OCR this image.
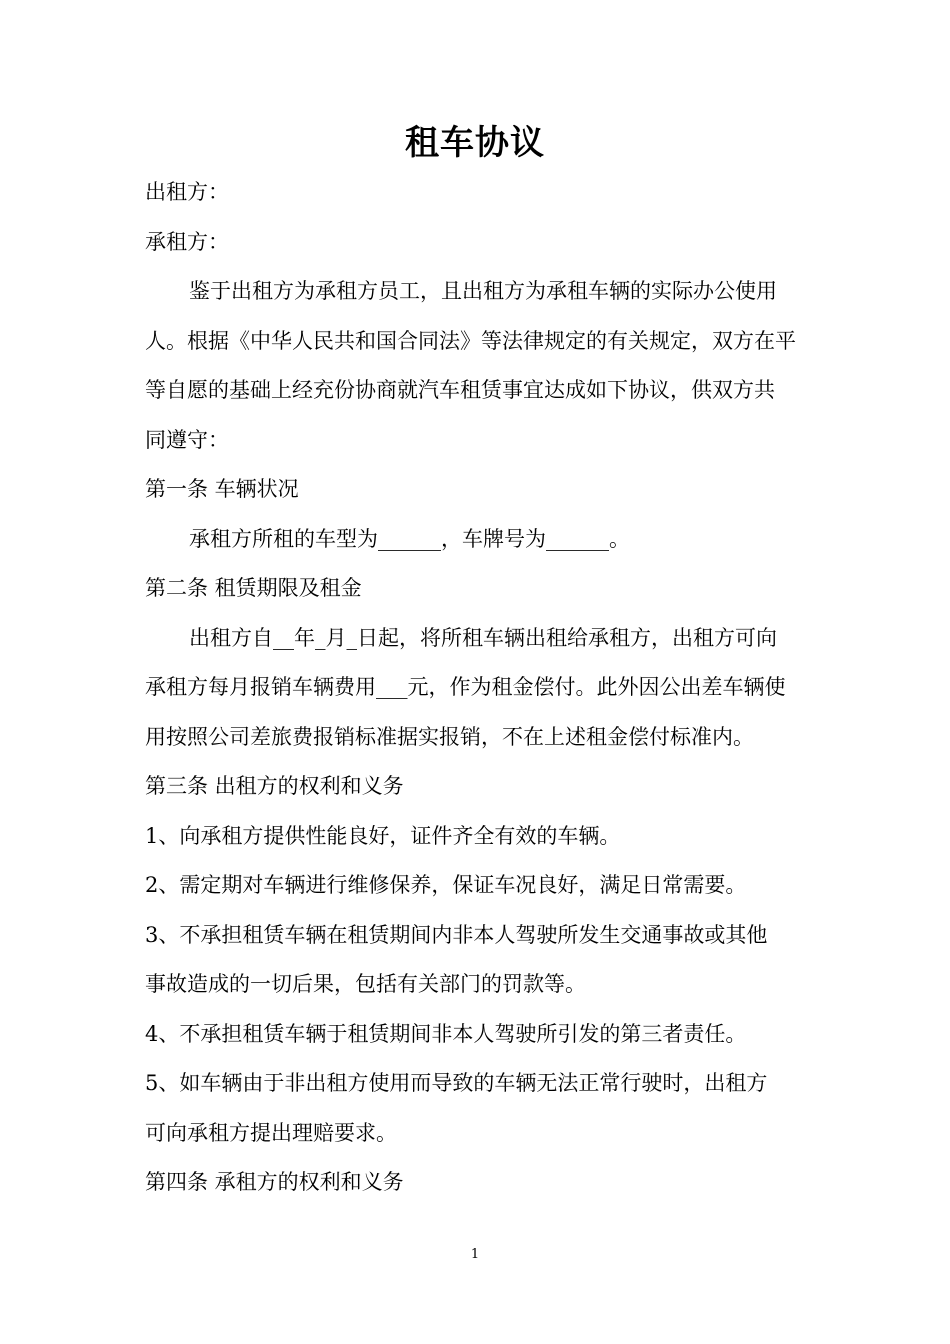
租车协议
出租方：
承租方：
鉴于出租方为承租方员工，且出租方为承租车辆的实际办公使用
人。根据《中华人民共和国合同法》等法律规定的有关规定，双方在平
等自愿的基础上经充份协商就汽车租赁事宜达成如下协议，供双方共
同遵守：
第一条 车辆状况
承租方所租的车型为______，车牌号为______。
第二条 租赁期限及租金
出租方自__年_月_日起，将所租车辆出租给承租方，出租方可向
承租方每月报销车辆费用___元，作为租金偿付。此外因公出差车辆使
用按照公司差旅费报销标准据实报销，不在上述租金偿付标准内。
第三条 出租方的权利和义务
1、向承租方提供性能良好，证件齐全有效的车辆。
2、需定期对车辆进行维修保养，保证车况良好，满足日常需要。
3、不承担租赁车辆在租赁期间内非本人驾驶所发生交通事故或其他
事故造成的一切后果，包括有关部门的罚款等。
4、不承担租赁车辆于租赁期间非本人驾驶所引发的第三者责任。
5、如车辆由于非出租方使用而导致的车辆无法正常行驶时，出租方
可向承租方提出理赔要求。
第四条 承租方的权利和义务
1
